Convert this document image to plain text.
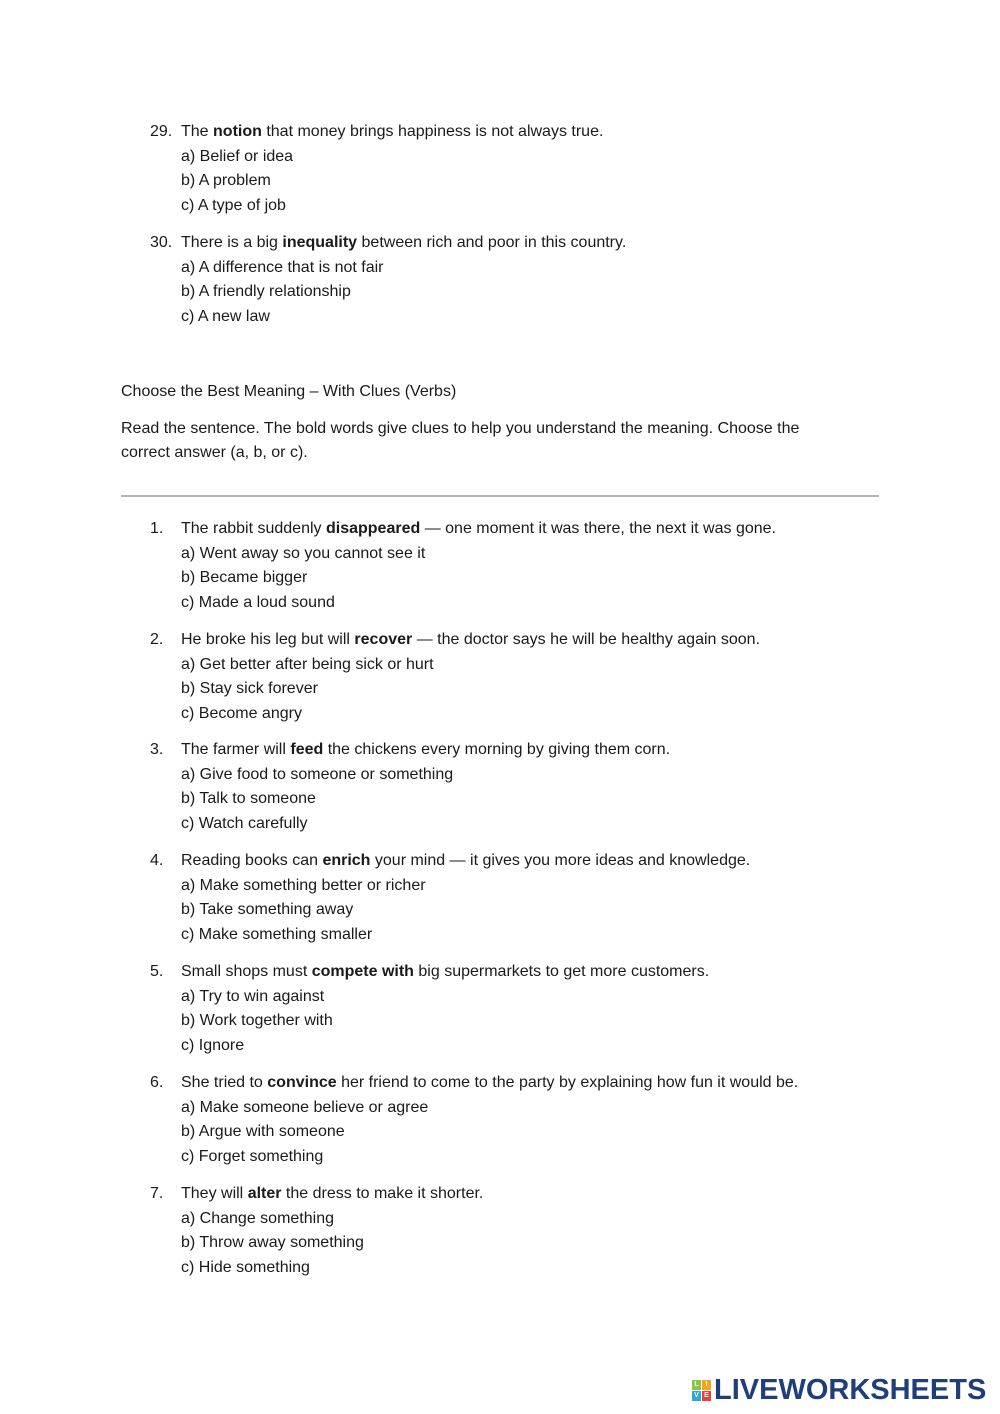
29. The notion that money brings happiness is not always true.
a) Belief or idea
b) A problem
c) A type of job
30. There is a big inequality between rich and poor in this country.
a) A difference that is not fair
b) A friendly relationship
c) A new law
Choose the Best Meaning – With Clues (Verbs)
Read the sentence. The bold words give clues to help you understand the meaning. Choose the
correct answer (a, b, or c).
1. The rabbit suddenly disappeared — one moment it was there, the next it was gone.
a) Went away so you cannot see it
b) Became bigger
c) Made a loud sound
2. He broke his leg but will recover — the doctor says he will be healthy again soon.
a) Get better after being sick or hurt
b) Stay sick forever
c) Become angry
3. The farmer will feed the chickens every morning by giving them corn.
a) Give food to someone or something
b) Talk to someone
c) Watch carefully
4. Reading books can enrich your mind — it gives you more ideas and knowledge.
a) Make something better or richer
b) Take something away
c) Make something smaller
5. Small shops must compete with big supermarkets to get more customers.
a) Try to win against
b) Work together with
c) Ignore
6. She tried to convince her friend to come to the party by explaining how fun it would be.
a) Make someone believe or agree
b) Argue with someone
c) Forget something
7. They will alter the dress to make it shorter.
a) Change something
b) Throw away something
c) Hide something
L I
V E LIVEWORKSHEETS
